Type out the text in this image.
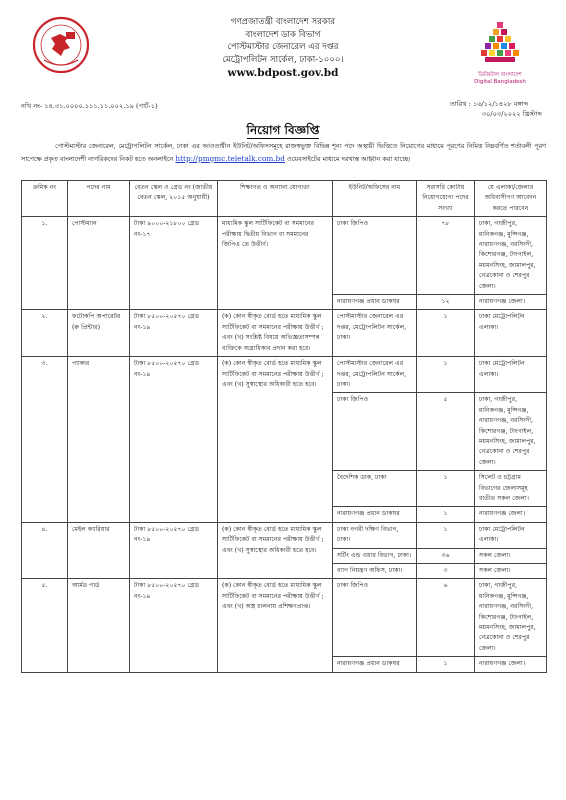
গণপ্রজাতন্ত্রী বাংলাদেশ সরকার
বাংলাদেশ ডাক বিভাগ
পোস্টমাস্টার জেনারেল এর দপ্তর
মেট্রোপলিটন সার্কেল, ঢাকা-১০০০।
www.bdpost.gov.bd	ডিজিটাল বাংলাদেশ
Digital Bangladesh
নথি নং- ১৪.৩১.০০০০.১১১.১১.০০২.১৯ (পার্ট-১)	তারিখ : ১৬/১২/১৪২৮ বঙ্গাব্দ
৩০/০৩/২০২২ খ্রিস্টাব্দ
নিয়োগ বিজ্ঞপ্তি
পোস্টমাস্টার জেনারেল, মেট্রোপলিটন সার্কেল, ঢাকা এর আওতাধীন ইউনিট/অফিসসমূহে রাজস্বভুক্ত বিভিন্ন শূন্য পদে অস্থায়ী ভিত্তিতে নিয়োগের মাধ্যমে পূরণের নিমিত্ত নিম্নবর্ণিত শর্তাবলী পূরণ সাপেক্ষে প্রকৃত বাংলাদেশী নাগরিকদের নিকট হতে অনলাইনে http://pmgmc.teletalk.com.bd ওয়েবসাইটের মাধ্যমে দরখাস্ত আহ্বান করা যাচ্ছে।
ক্রমিক নং	পদের নাম	বেতন স্কেল ও গ্রেড নং (জাতীয় বেতন স্কেল, ২০১৫ অনুযায়ী)	শিক্ষাগত ও অন্যান্য যোগ্যতা	ইউনিট/অফিসের নাম	সরাসরি কোটায় নিয়োগযোগ্য পদের সংখ্যা	যে এলাকা/জেলার অধিবাসীগণ আবেদন করতে পারবেন
১.	পোস্টম্যান	টাকা ৯০০০-২১৮০০ গ্রেড নং-১৭	মাধ্যমিক স্কুল সার্টিফিকেট বা সমমানের পরীক্ষায় দ্বিতীয় বিভাগ বা সমমানের জিপিএ তে উত্তীর্ণ।	ঢাকা জিপিও	৭৮	ঢাকা, গাজীপুর, মানিকগঞ্জ, মুন্সিগঞ্জ, নারায়ণগঞ্জ, নরসিংদী, কিশোরগঞ্জ, টাংগাইল, ময়মনসিংহ, জামালপুর, নেত্রকোনা ও শেরপুর জেলা।
				নারায়ণগঞ্জ প্রধান ডাকঘর	১২	নারায়ণগঞ্জ জেলা।
২.	ফটোকপি অপারেটর (রু প্রিন্টার)	টাকা ৮৫০০-২০৫৭০ গ্রেড নং-১৯	(ক) কোন স্বীকৃত বোর্ড হতে মাধ্যমিক স্কুল সার্টিফিকেট বা সমমানের পরীক্ষায় উত্তীর্ণ ; এবং (খ) সংশ্লিষ্ট বিষয়ে অভিজ্ঞতাসম্পন্ন ব্যক্তিকে অগ্রাধিকার প্রদান করা হবে।	পোস্টমাস্টার জেনারেল এর দপ্তর, মেট্রোপলিটন সার্কেল, ঢাকা।	১	ঢাকা মেট্রোপলিটন এলাকা।
৩.	প্যাকার	টাকা ৮৫০০-২০৫৭০ গ্রেড নং-১৯	(ক) কোন স্বীকৃত বোর্ড হতে মাধ্যমিক স্কুল সার্টিফিকেট বা সমমানের পরীক্ষায় উত্তীর্ণ ; এবং (খ) সুস্বাস্থ্যের অধিকারী হতে হবে।	পোস্টমাস্টার জেনারেল এর দপ্তর, মেট্রোপলিটন সার্কেল, ঢাকা।	১	ঢাকা মেট্রোপলিটন এলাকা।
				ঢাকা জিপিও	৫	ঢাকা, গাজীপুর, মানিকগঞ্জ, মুন্সিগঞ্জ, নারায়ণগঞ্জ, নরসিংদী, কিশোরগঞ্জ, টাংগাইল, ময়মনসিংহ, জামালপুর, নেত্রকোনা ও শেরপুর জেলা।
				বৈদেশিক ডাক, ঢাকা	১	সিলেট ও চট্টগ্রাম বিভাগের জেলাসমূহ ব্যতীত সকল জেলা।
				নারায়ণগঞ্জ প্রধান ডাকঘর	১	নারায়ণগঞ্জ জেলা।
৪.	মেইল ক্যারিয়ার	টাকা ৮৫০০-২০৫৭০ গ্রেড নং-১৯	(ক) কোন স্বীকৃত বোর্ড হতে মাধ্যমিক স্কুল সার্টিফিকেট বা সমমানের পরীক্ষায় উত্তীর্ণ ; এবং (খ) সুস্বাস্থ্যের অধিকারী হতে হবে।	ঢাকা নগরী দক্ষিণ বিভাগ, ঢাকা।	১	ঢাকা মেট্রোপলিটন এলাকা।
				সর্টিং এন্ড ওয়ার বিভাগ, ঢাকা।	৩৬	সকল জেলা।
				ব্যাগ নিয়ন্ত্রণ অফিস, ঢাকা।	৩	সকল জেলা।
৫.	আর্মড গার্ড	টাকা ৮৫০০-২০৫৭০ গ্রেড নং-১৯	(ক) কোন স্বীকৃত বোর্ড হতে মাধ্যমিক স্কুল সার্টিফিকেট বা সমমানের পরীক্ষায় উত্তীর্ণ ; এবং (খ) অস্ত্র চালনায় প্রশিক্ষণপ্রাপ্ত।	ঢাকা জিপিও	৬	ঢাকা, গাজীপুর, মানিকগঞ্জ, মুন্সিগঞ্জ, নারায়ণগঞ্জ, নরসিংদী, কিশোরগঞ্জ, টাংগাইল, ময়মনসিংহ, জামালপুর, নেত্রকোনা ও শেরপুর জেলা।
				নারায়ণগঞ্জ প্রধান ডাকঘর	১	নারায়ণগঞ্জ জেলা।
